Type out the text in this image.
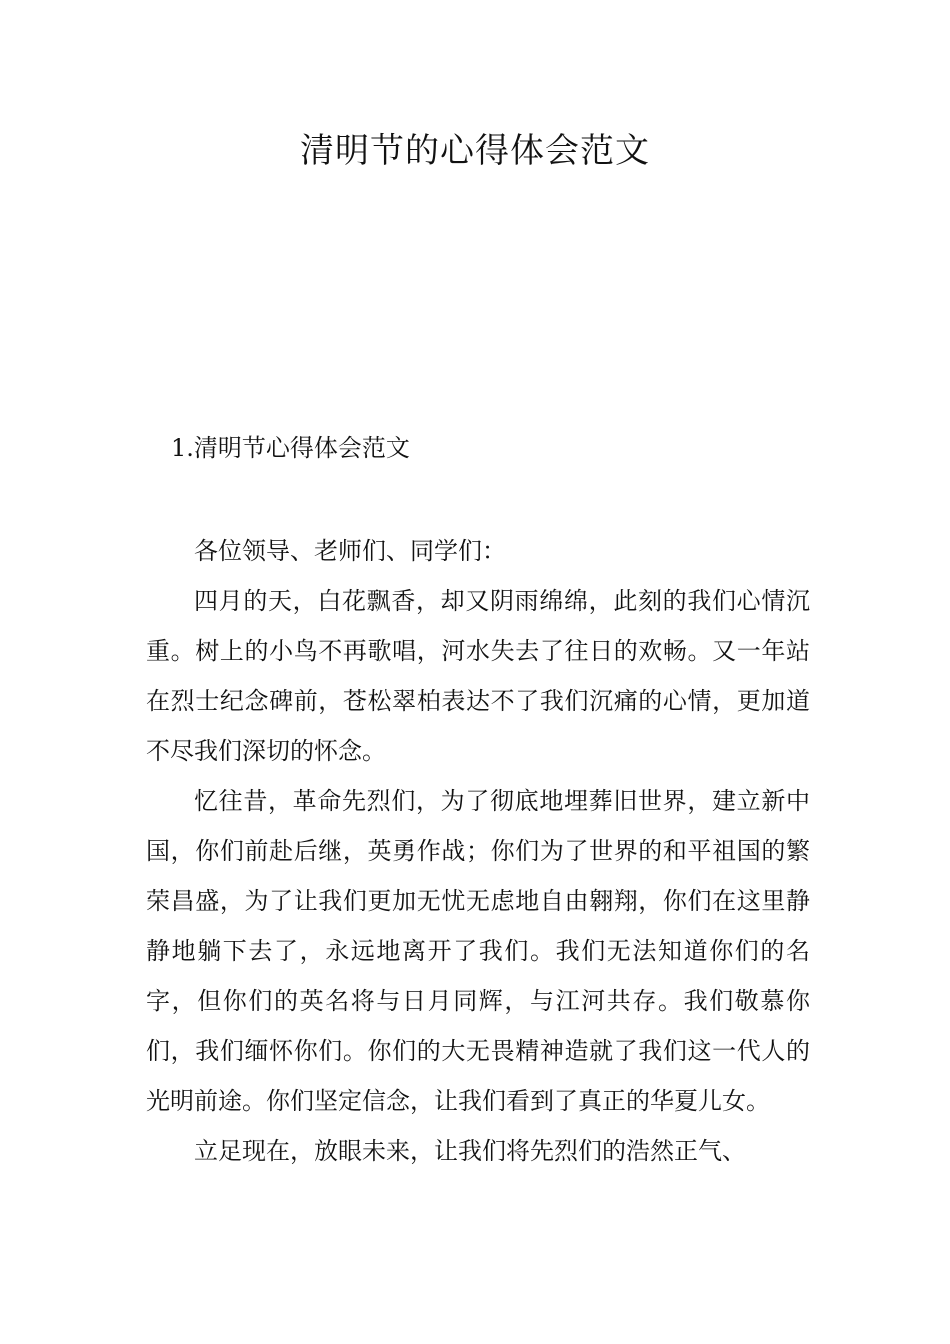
清明节的心得体会范文
1.清明节心得体会范文

各位领导、老师们、同学们：

四月的天，白花飘香，却又阴雨绵绵，此刻的我们心情沉重。树上的小鸟不再歌唱，河水失去了往日的欢畅。又一年站在烈士纪念碑前，苍松翠柏表达不了我们沉痛的心情，更加道不尽我们深切的怀念。

忆往昔，革命先烈们，为了彻底地埋葬旧世界，建立新中国，你们前赴后继，英勇作战；你们为了世界的和平祖国的繁荣昌盛，为了让我们更加无忧无虑地自由翱翔，你们在这里静静地躺下去了，永远地离开了我们。我们无法知道你们的名字，但你们的英名将与日月同辉，与江河共存。我们敬慕你们，我们缅怀你们。你们的大无畏精神造就了我们这一代人的光明前途。你们坚定信念，让我们看到了真正的华夏儿女。

立足现在，放眼未来，让我们将先烈们的浩然正气、
